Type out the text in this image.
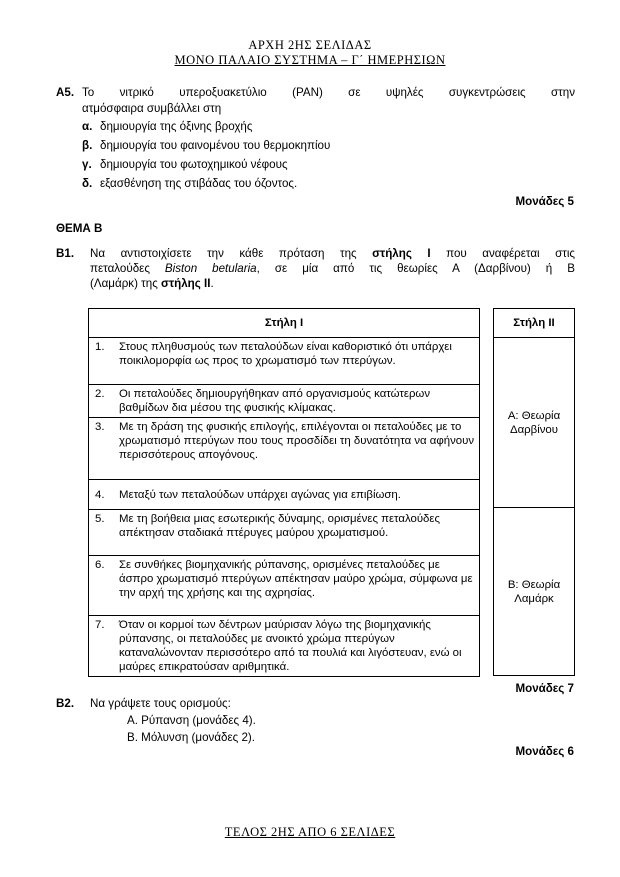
ΑΡΧΗ 2ΗΣ ΣΕΛΙΔΑΣ
ΜΟΝΟ ΠΑΛΑΙΟ ΣΥΣΤΗΜΑ – Γ΄ ΗΜΕΡΗΣΙΩΝ
Α5. Το νιτρικό υπεροξυακετύλιο (PAN) σε υψηλές συγκεντρώσεις στην
ατμόσφαιρα συμβάλλει στη
α. δημιουργία της όξινης βροχής
β. δημιουργία του φαινομένου του θερμοκηπίου
γ. δημιουργία του φωτοχημικού νέφους
δ. εξασθένηση της στιβάδας του όζοντος.
Μονάδες 5
ΘΕΜΑ Β
Β1. Να αντιστοιχίσετε την κάθε πρόταση της στήλης Ι που αναφέρεται στις
πεταλούδες Biston betularia, σε μία από τις θεωρίες Α (Δαρβίνου) ή Β
(Λαμάρκ) της στήλης ΙΙ.
Στήλη Ι	
1.	Στους πληθυσμούς των πεταλούδων είναι καθοριστικό ότι υπάρχει ποικιλομορφία ως προς το χρωματισμό των πτερύγων.
2.	Οι πεταλούδες δημιουργήθηκαν από οργανισμούς κατώτερων βαθμίδων δια μέσου της φυσικής κλίμακας.
3.	Με τη δράση της φυσικής επιλογής, επιλέγονται οι πεταλούδες με το χρωματισμό πτερύγων που τους προσδίδει τη δυνατότητα να αφήνουν περισσότερους απογόνους.
4.	Μεταξύ των πεταλούδων υπάρχει αγώνας για επιβίωση.
5.	Με τη βοήθεια μιας εσωτερικής δύναμης, ορισμένες πεταλούδες απέκτησαν σταδιακά πτέρυγες μαύρου χρωματισμού.
6.	Σε συνθήκες βιομηχανικής ρύπανσης, ορισμένες πεταλούδες με άσπρο χρωματισμό πτερύγων απέκτησαν μαύρο χρώμα, σύμφωνα με την αρχή της χρήσης και της αχρησίας.
7.	Όταν οι κορμοί των δέντρων μαύρισαν λόγω της βιομηχανικής ρύπανσης, οι πεταλούδες με ανοικτό χρώμα πτερύγων καταναλώνονταν περισσότερο από τα πουλιά και λιγόστευαν, ενώ οι μαύρες επικρατούσαν αριθμητικά.
Στήλη ΙΙ
Α: Θεωρία
Δαρβίνου
Β: Θεωρία
Λαμάρκ
Μονάδες 7
Β2. Να γράψετε τους ορισμούς:
Α. Ρύπανση (μονάδες 4).
Β. Μόλυνση (μονάδες 2).
Μονάδες 6
ΤΕΛΟΣ 2ΗΣ ΑΠΟ 6 ΣΕΛΙΔΕΣ
